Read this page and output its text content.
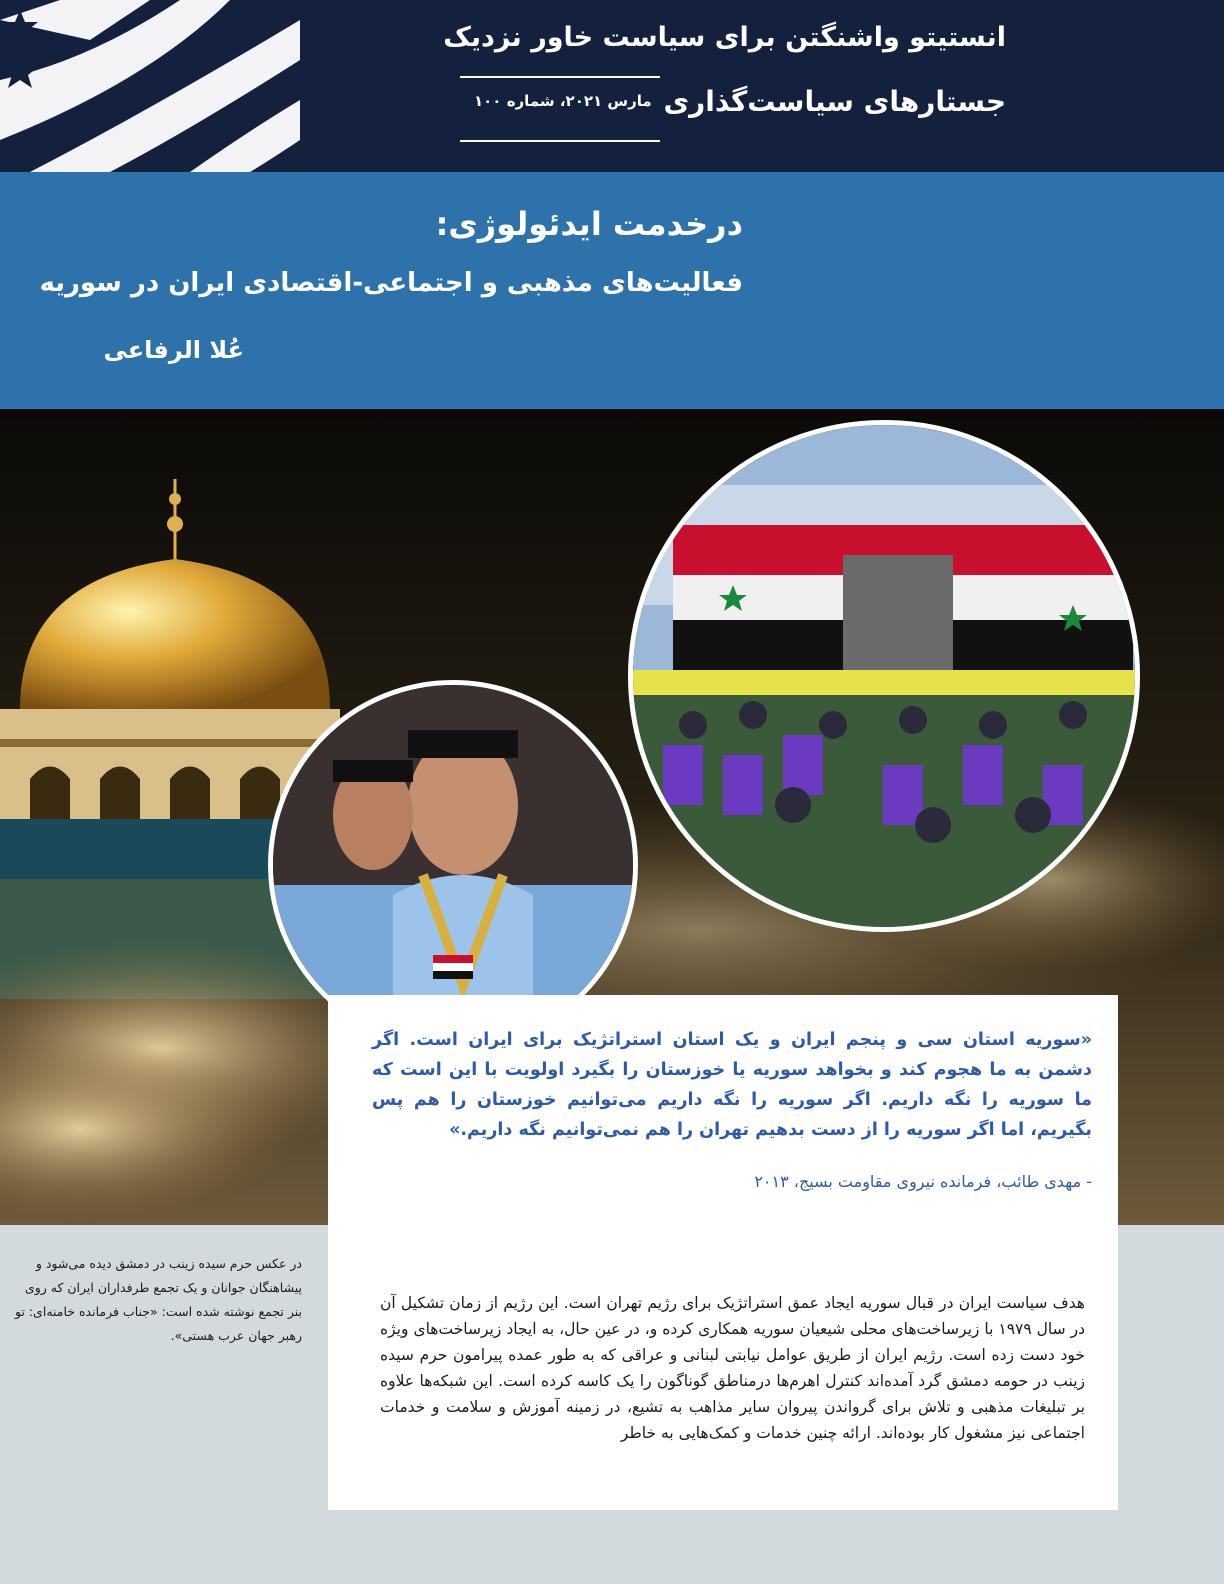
انستیتو واشنگتن برای سیاست خاور نزدیک
جستارهای سیاست‌گذاری
مارس ۲۰۲۱، شماره ۱۰۰
درخدمت ایدئولوژی:
فعالیت‌های مذهبی و اجتماعی-اقتصادی ایران در سوریه
عُلا الرفاعی
«سوریه استان سی و پنجم ایران و یک استان استراتژیک برای ایران است. اگر دشمن به ما هجوم کند و بخواهد سوریه یا خوزستان را بگیرد اولویت با این است که ما سوریه را نگه داریم. اگر سوریه را نگه داریم می‌توانیم خوزستان را هم پس بگیریم، اما اگر سوریه را از دست بدهیم تهران را هم نمی‌توانیم نگه داریم.»
- مهدی طائب، فرمانده نیروی مقاومت بسیج، ۲۰۱۳
هدف سیاست ایران در قبال سوریه ایجاد عمق استراتژیک برای رژیم تهران است. این رژیم از زمان تشکیل آن در سال ۱۹۷۹ با زیرساخت‌های محلی شیعیان سوریه همکاری کرده و، در عین حال، به ایجاد زیرساخت‌های ویژه خود دست زده است. رژیم ایران از طریق عوامل نیابتی لبنانی و عراقی که به طور عمده پیرامون حرم سیده زینب در حومه دمشق گرد آمده‌اند کنترل اهرم‌ها درمناطق گوناگون را یک کاسه کرده است. این شبکه‌ها علاوه بر تبلیغات مذهبی و تلاش برای گرواندن پیروان سایر مذاهب به تشیع، در زمینه آموزش و سلامت و خدمات اجتماعی نیز مشغول کار بوده‌اند. ارائه چنین خدمات و کمک‌هایی به خاطر
در عکس حرم سیده زینب در دمشق دیده می‌شود و پیشاهنگان جوانان و یک تجمع طرفداران ایران که روی بنر تجمع نوشته شده است: «جناب فرمانده خامنه‌ای: تو رهبر جهان عرب هستی».
